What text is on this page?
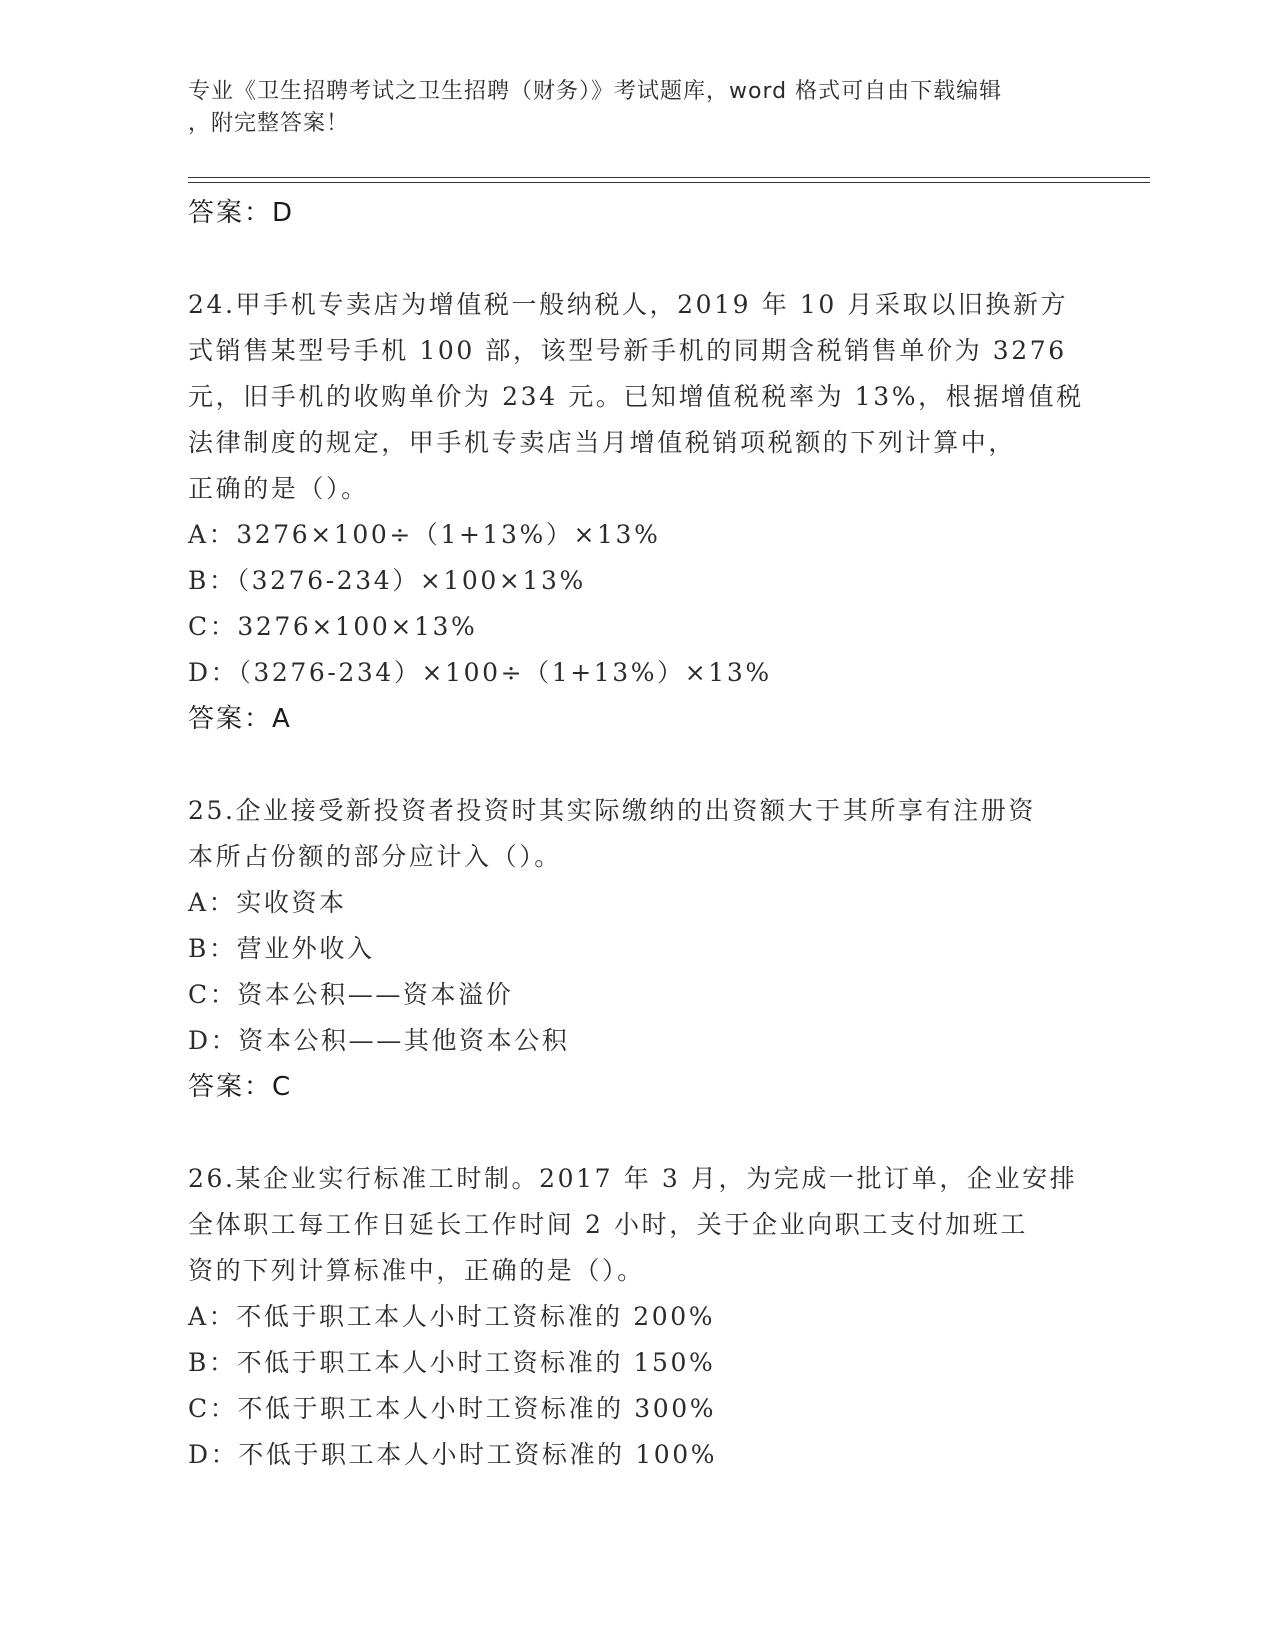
专业《卫生招聘考试之卫生招聘（财务）》考试题库，word 格式可自由下载编辑
，附完整答案！
答案：D
24.甲手机专卖店为增值税一般纳税人，2019 年 10 月采取以旧换新方
式销售某型号手机 100 部，该型号新手机的同期含税销售单价为 3276
元，旧手机的收购单价为 234 元。已知增值税税率为 13%，根据增值税
法律制度的规定，甲手机专卖店当月增值税销项税额的下列计算中，
正确的是（）。
A：3276×100÷（1+13%）×13%
B：（3276-234）×100×13%
C：3276×100×13%
D：（3276-234）×100÷（1+13%）×13%
答案：A
25.企业接受新投资者投资时其实际缴纳的出资额大于其所享有注册资
本所占份额的部分应计入（）。
A：实收资本
B：营业外收入
C：资本公积——资本溢价
D：资本公积——其他资本公积
答案：C
26.某企业实行标准工时制。2017 年 3 月，为完成一批订单，企业安排
全体职工每工作日延长工作时间 2 小时，关于企业向职工支付加班工
资的下列计算标准中，正确的是（）。
A：不低于职工本人小时工资标准的 200%
B：不低于职工本人小时工资标准的 150%
C：不低于职工本人小时工资标准的 300%
D：不低于职工本人小时工资标准的 100%
